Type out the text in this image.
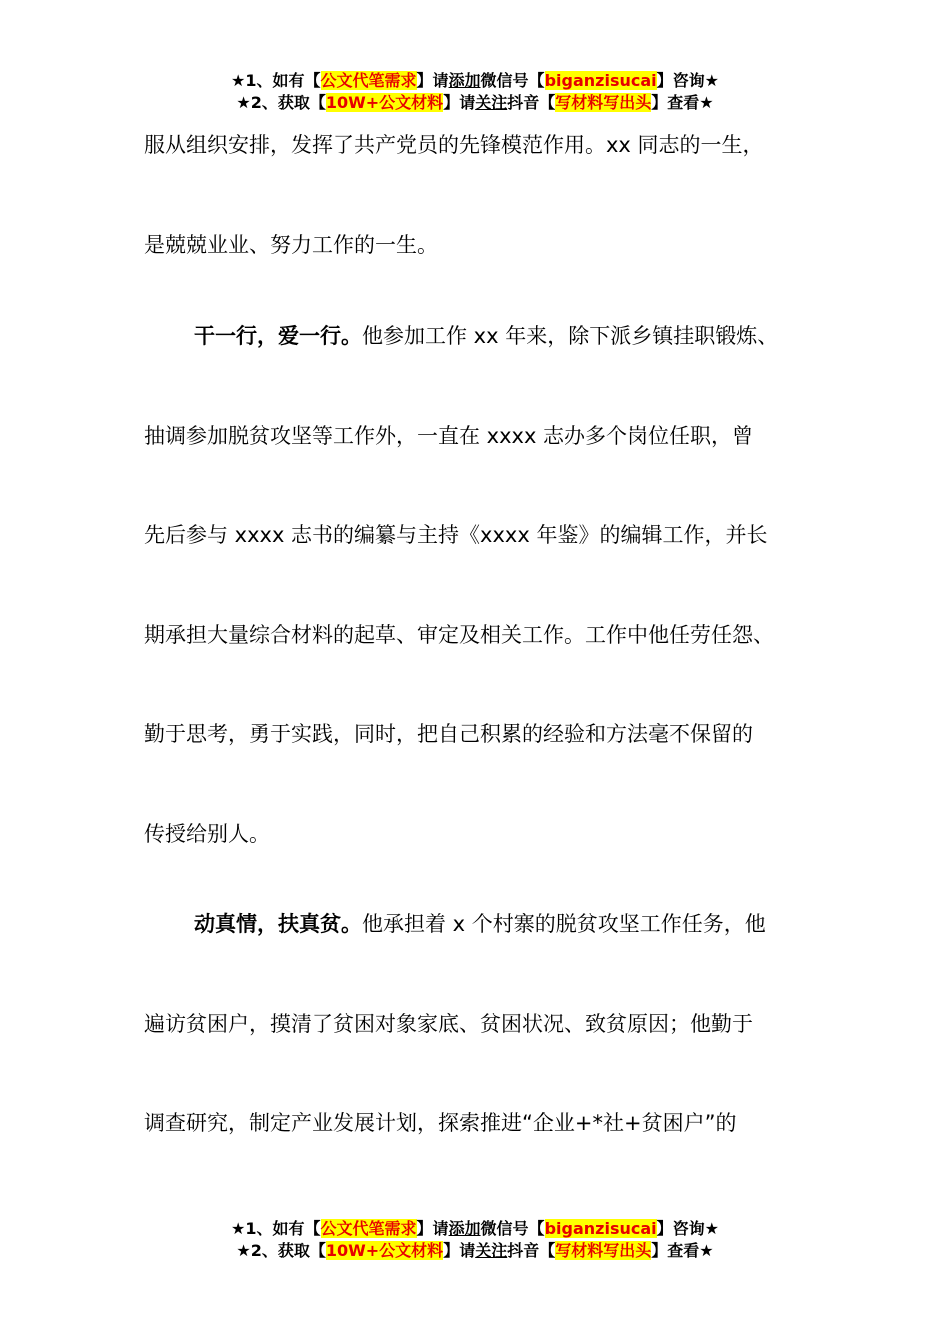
★1、如有【公文代笔需求】请添加微信号【biganzisucai】咨询★
★2、获取【10W+公文材料】请关注抖音【写材料写出头】查看★
服从组织安排，发挥了共产党员的先锋模范作用。xx 同志的一生，
是兢兢业业、努力工作的一生。
干一行，爱一行。他参加工作 xx 年来，除下派乡镇挂职锻炼、
抽调参加脱贫攻坚等工作外，一直在 xxxx 志办多个岗位任职，曾
先后参与 xxxx 志书的编纂与主持《xxxx 年鉴》的编辑工作，并长
期承担大量综合材料的起草、审定及相关工作。工作中他任劳任怨、
勤于思考，勇于实践，同时，把自己积累的经验和方法毫不保留的
传授给别人。
动真情，扶真贫。他承担着 x 个村寨的脱贫攻坚工作任务，他
遍访贫困户，摸清了贫困对象家底、贫困状况、致贫原因；他勤于
调查研究，制定产业发展计划，探索推进“企业+*社+贫困户”的
★1、如有【公文代笔需求】请添加微信号【biganzisucai】咨询★
★2、获取【10W+公文材料】请关注抖音【写材料写出头】查看★
